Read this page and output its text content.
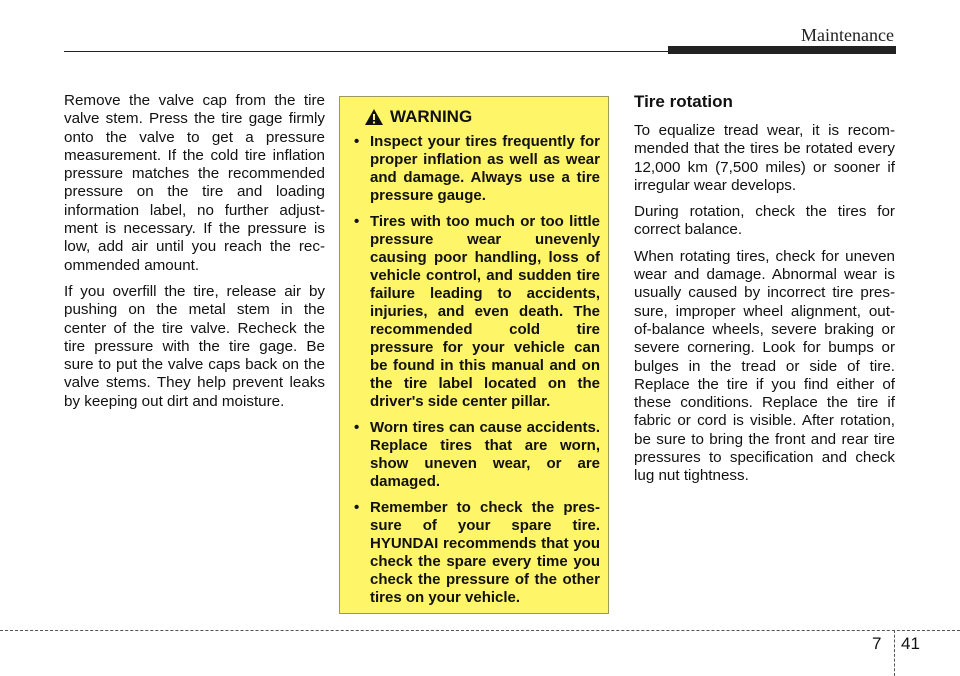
Maintenance

Remove the valve cap from the tire valve stem. Press the tire gage firmly onto the valve to get a pressure measurement. If the cold tire inflation pressure matches the recommended pressure on the tire and loading information label, no further adjustment is necessary. If the pressure is low, add air until you reach the recommended amount.

If you overfill the tire, release air by pushing on the metal stem in the center of the tire valve. Recheck the tire pressure with the tire gage. Be sure to put the valve caps back on the valve stems. They help prevent leaks by keeping out dirt and moisture.

WARNING
• Inspect your tires frequently for proper inflation as well as wear and damage. Always use a tire pressure gauge.
• Tires with too much or too little pressure wear unevenly causing poor handling, loss of vehicle control, and sudden tire failure leading to accidents, injuries, and even death. The recommended cold tire pressure for your vehicle can be found in this manual and on the tire label located on the driver's side center pillar.
• Worn tires can cause accidents. Replace tires that are worn, show uneven wear, or are damaged.
• Remember to check the pressure of your spare tire. HYUNDAI recommends that you check the spare every time you check the pressure of the other tires on your vehicle.
Tire rotation

To equalize tread wear, it is recommended that the tires be rotated every 12,000 km (7,500 miles) or sooner if irregular wear develops.

During rotation, check the tires for correct balance.

When rotating tires, check for uneven wear and damage. Abnormal wear is usually caused by incorrect tire pressure, improper wheel alignment, out-of-balance wheels, severe braking or severe cornering. Look for bumps or bulges in the tread or side of tire. Replace the tire if you find either of these conditions. Replace the tire if fabric or cord is visible. After rotation, be sure to bring the front and rear tire pressures to specification and check lug nut tightness.

7 41
